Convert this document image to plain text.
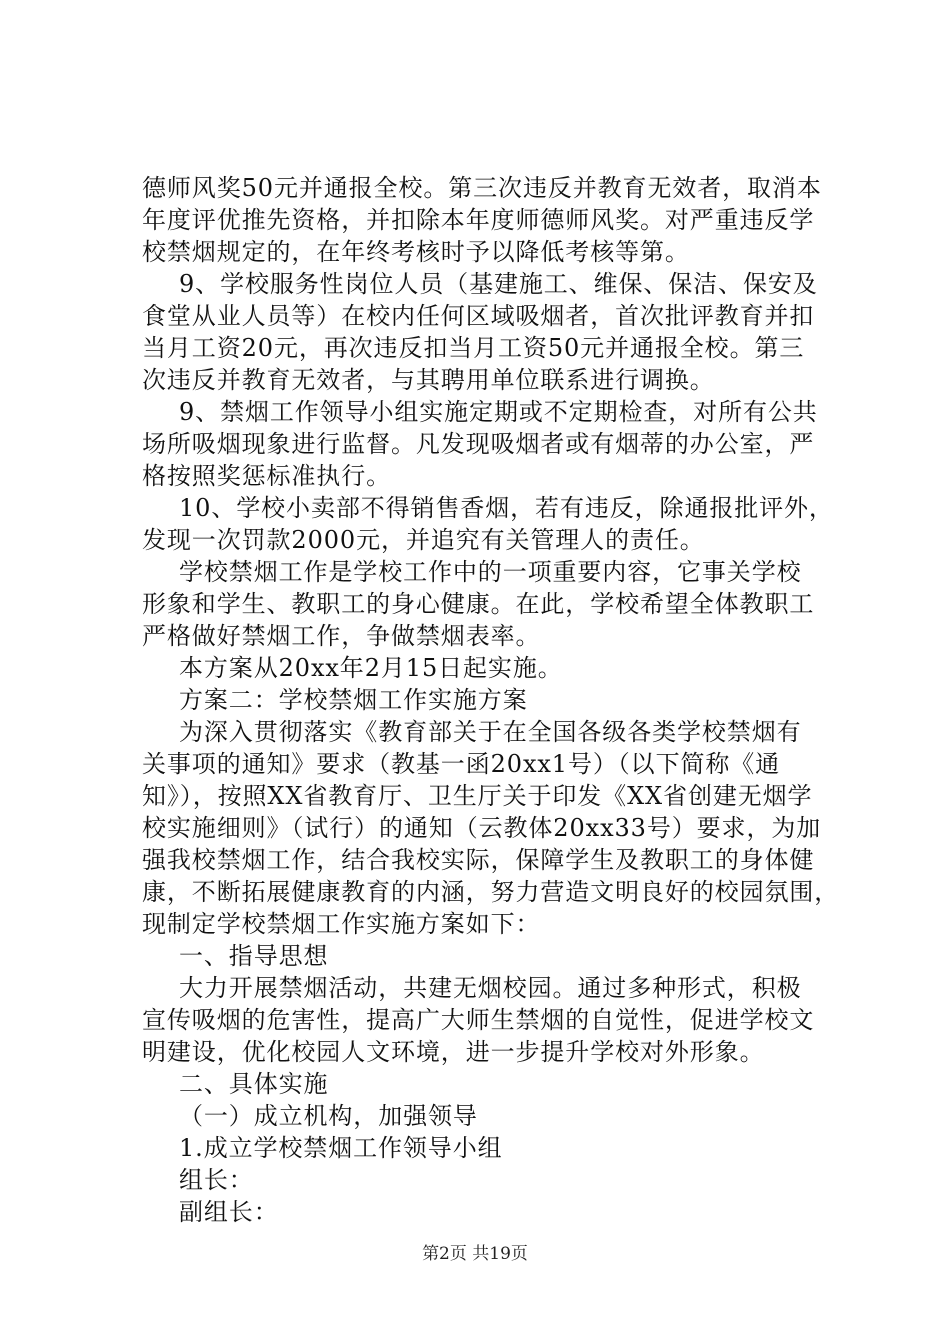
德师风奖50元并通报全校。第三次违反并教育无效者，取消本
年度评优推先资格，并扣除本年度师德师风奖。对严重违反学
校禁烟规定的，在年终考核时予以降低考核等第。
9、学校服务性岗位人员（基建施工、维保、保洁、保安及
食堂从业人员等）在校内任何区域吸烟者，首次批评教育并扣
当月工资20元，再次违反扣当月工资50元并通报全校。第三
次违反并教育无效者，与其聘用单位联系进行调换。
9、禁烟工作领导小组实施定期或不定期检查，对所有公共
场所吸烟现象进行监督。凡发现吸烟者或有烟蒂的办公室，严
格按照奖惩标准执行。
10、学校小卖部不得销售香烟，若有违反，除通报批评外，
发现一次罚款2000元，并追究有关管理人的责任。
学校禁烟工作是学校工作中的一项重要内容，它事关学校
形象和学生、教职工的身心健康。在此，学校希望全体教职工
严格做好禁烟工作，争做禁烟表率。
本方案从20xx年2月15日起实施。
方案二：学校禁烟工作实施方案
为深入贯彻落实《教育部关于在全国各级各类学校禁烟有
关事项的通知》要求（教基一函20xx1号）（以下简称《通
知》），按照XX省教育厅、卫生厅关于印发《XX省创建无烟学
校实施细则》（试行）的通知（云教体20xx33号）要求，为加
强我校禁烟工作，结合我校实际，保障学生及教职工的身体健
康，不断拓展健康教育的内涵，努力营造文明良好的校园氛围，
现制定学校禁烟工作实施方案如下：
一、指导思想
大力开展禁烟活动，共建无烟校园。通过多种形式，积极
宣传吸烟的危害性，提高广大师生禁烟的自觉性，促进学校文
明建设，优化校园人文环境，进一步提升学校对外形象。
二、具体实施
（一）成立机构，加强领导
1.成立学校禁烟工作领导小组
组长：
副组长：
第2页 共19页
